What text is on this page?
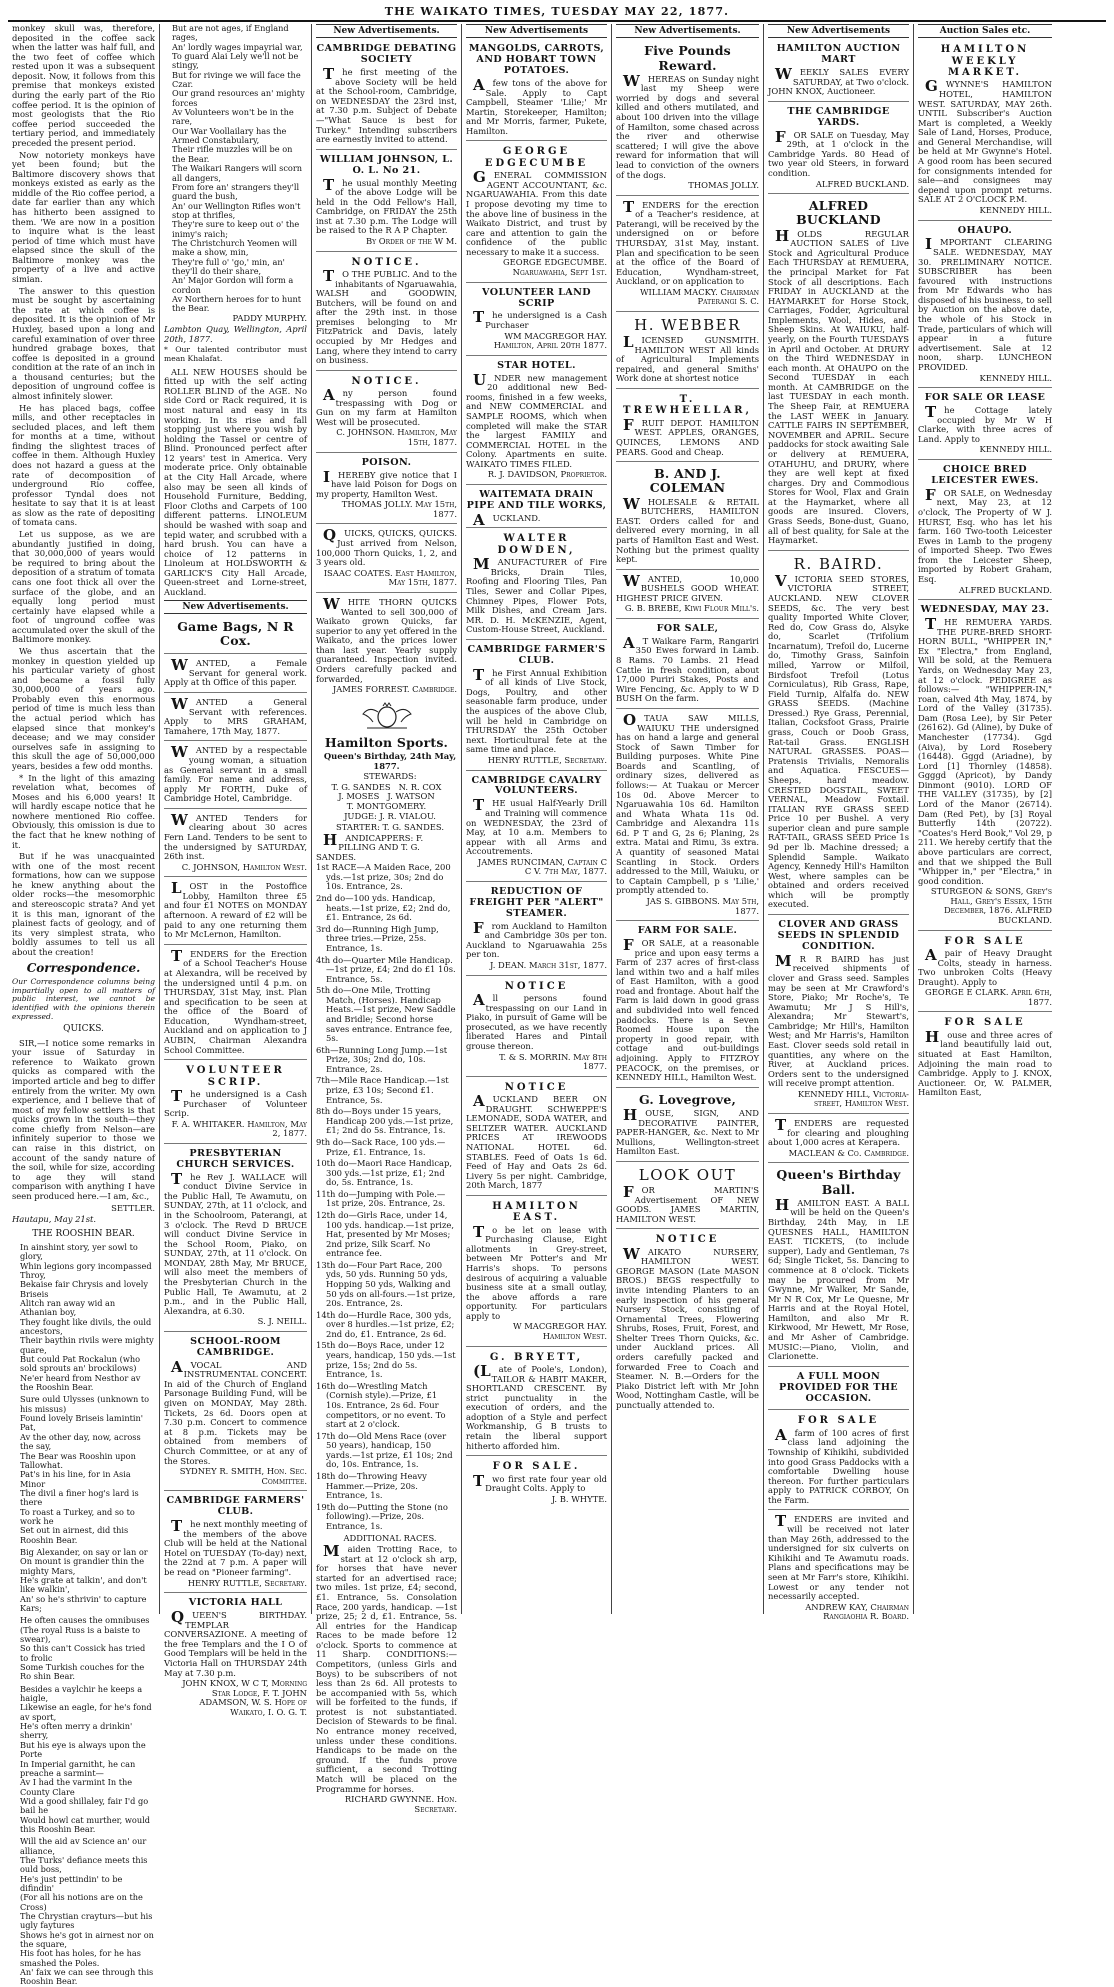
THE WAIKATO TIMES, TUESDAY MAY 22, 1877.

monkey skull was, therefore, deposited in the coffee sack when the latter was half full, and the two feet of coffee which rested upon it was a subsequent deposit. Now, it follows from this premise that monkeys existed during the early part of the Rio coffee period. It is the opinion of most geologists that the Rio coffee period succeeded the tertiary period, and immediately preceded the present period.

Now notoriety monkeys have yet been found; but the Baltimore discovery shows that monkeys existed as early as the middle of the Rio coffee period, a date far earlier than any which has hitherto been assigned to them. 'We are now in a position to inquire what is the least period of time which must have elapsed since the skull of the Baltimore monkey was the property of a live and active simian.

The answer to this question must be sought by ascertaining the rate at which coffee is deposited. It is the opinion of Mr Huxley, based upon a long and careful examination of over three hundred grabage boxes, that coffee is deposited in a ground condition at the rate of an inch in a thousand centuries; but the deposition of unground coffee is almost infinitely slower.

He has placed bags, coffee mills, and other receptacles in secluded places, and left them for months at a time, without finding the slightest traces of coffee in them. Although Huxley does not hazard a guess at the rate of decomposition of underground Rio coffee, professor Tyndal does not hesitate to say that it is at least as slow as the rate of depositing of tomata cans.

Let us suppose, as we are abundantly justified in doing, that 30,000,000 of years would be required to bring about the deposition of a stratum of tomata cans one foot thick all over the surface of the globe, and an equally long period must certainly have elapsed while a foot of unground coffee was accumulated over the skull of the Baltimore monkey.

We thus ascertain that the monkey in question yielded up his particular variety of ghost and became a fossil fully 30,000,000 of years ago. Probably even this enormous period of time is much less than the actual period which has elapsed since that monkey's decease; and we may consider ourselves safe in assigning to this skull the age of 50,000,000 years, besides a few odd months.

* In the light of this amazing revelation what, becomes of Moses and his 6,000 years! It will hardly escape notice that he nowhere mentioned Rio coffee. Obviously, this omission is due to the fact that he knew nothing of it.

But if he was unacquainted with one of the most recent formations, how can we suppose he knew anything about the older rocks—the mesomorphic and stereoscopic strata? And yet it is this man, ignorant of the plainest facts of geology, and of its very simplest strata, who boldly assumes to tell us all about the creation!

Correspondence.

Our Correspondence columns being impartially open to all matters of public interest, we cannot be identified with the opinions therein expressed.

QUICKS.

SIR,—I notice some remarks in your issue of Saturday in reference to Waikato grown quicks as compared with the imported article and beg to differ entirely from the writer. My own experience, and I believe that of most of my fellow settlers is that quicks grown in the south—they come chiefly from Nelson—are infinitely superior to those we can raise in this district, on account of the sandy nature of the soil, while for size, according to age they will stand comparison with anything I have seen produced here.—I am, &c.,

SETTLER.

Hautapu, May 21st.

THE ROOSHIN BEAR.

In ainshint story, yer sowl to glory,

Whin legions gory incompassed Throy,

Bekaise fair Chrysis and lovely Briseis

Alitch ran away wid an Athanian boy,

They fought like divils, the ould ancestors,

Their baythin rivils were mighty quare,

But could Pat Rockalun (who sold sprouts an' brockilows)

Ne'er heard from Nesthor av the Rooshin Bear.

Sure ould Ulysses (unknown to his missus)

Found lovely Briseis lamintin' Pat,

Av the other day, now, across the say,

The Bear was Rooshin upon Tallowhat.

Pat's in his line, for in Asia Minor

The divil a finer hog's lard is there

To roast a Turkey, and so to work he

Set out in airnest, did this Rooshin Bear.

Big Alexander, on say or lan or

On mount is grandier thin the mighty Mars,

He's grate at talkin', and don't like walkin',

An' so he's sthrivin' to capture Kars;

He often causes the omnibuses

(The royal Russ is a baiste to swear),

So this can't Cossick has tried to frolic

Some Turkish couches for the Ro shin Bear.

Besides a vaylchir he keeps a haigle,

Likewise an eagle, for he's fond av sport,

He's often merry a drinkin' sherry,

But his eye is always upon the Porte

In Imperial garnitht, he can preache a sarmint—

Av I had the varmint In the County Clare

Wid a good shillaley, fair I'd go bail he

Would howl cat murther, would this Rooshin Bear.

Will the aid av Science an' our alliance,

The Turks' defiance meets this ould boss,

He's just pettindin' to be difindin'

(For all his notions are on the Cross)

The Chrystian crayturs—but his ugly faytures

Shows he's got in airnest nor on the square,

His foot has holes, for he has smashed the Poles.

An' faix we can see through this Rooshin Bear.

But are not ages, if England rages,

An' lordly wages impayrial war,

To guard Alai Lely we'll not be stingy,

But for rivinge we will face the Czar.

Our grand resources an' mighty forces

Av Volunteers won't be in the rare,

Our War Voollailary has the Armed Constabulary,

Their rifle muzzles will be on the Bear.

The Waikari Rangers will scorn all dangers,

From fore an' strangers they'll guard the bush,

An' our Wellington Rifles won't stop at thrifles,

They're sure to keep out o' the inimy's raich;

The Christchurch Yeomen will make a show, min,

They're full o' 'go,' min, an' they'll do their share,

An' Major Gordon will form a cordon

Av Northern heroes for to hunt the Bear.

PADDY MURPHY.

Lambton Quay, Wellington, April 20th, 1877.

* Our talented contributor must mean Khalafat.

ALL NEW HOUSES should be fitted up with the self acting ROLLER BLIND of the AGE. No side Cord or Rack required, it is most natural and easy in its working. In its rise and fall stopping just where you wish by holding the Tassel or centre of Blind. Pronounced perfect after 12 years' test in America. Very moderate price. Only obtainable at the City Hall Arcade, where also may be seen all kinds of Household Furniture, Bedding, Floor Cloths and Carpets of 100 different patterns. LINOLEUM should be washed with soap and tepid water, and scrubbed with a hard brush. You can have a choice of 12 patterns in Linoleum at HOLDSWORTH & GARLICK'S City Hall Arcade, Queen-street and Lorne-street, Auckland.

New Advertisements.
Game Bags, N R Cox.

WANTED, a Female Servant for general work. Apply at th Office of this paper.

WANTED a General Servant with references. Apply to MRS GRAHAM, Tamahere, 17th May, 1877.

WANTED by a respectable young woman, a situation as General servant in a small family. For name and address, apply Mr FORTH, Duke of Cambridge Hotel, Cambridge.

WANTED Tenders for clearing about 30 acres Fern Land. Tenders to be sent to the undersigned by SATURDAY, 26th inst.

C. JOHNSON, Hamilton West.

LOST in the Postoffice Lobby, Hamilton three £5 and four £1 NOTES on MONDAY afternoon. A reward of £2 will be paid to any one returning them to Mr McLernon, Hamilton.

TENDERS for the Erection of a School Teacher's House at Alexandra, will be received by the undersigned until 4 p.m. on THURSDAY, 31st May, inst. Plan and specification to be seen at the office of the Board of Education, Wyndham-street, Auckland and on application to J AUBIN, Chairman Alexandra School Committee.

VOLUNTEER SCRIP.

The undersigned is a Cash Purchaser of Volunteer Scrip.

F. A. WHITAKER. Hamilton, May 2, 1877.

PRESBYTERIAN CHURCH SERVICES.

The Rev J. WALLACE will conduct Divine Service in the Public Hall, Te Awamutu, on SUNDAY, 27th, at 11 o'clock, and in the Schoolroom, Paterangi, at 3 o'clock. The Revd D BRUCE will conduct Divine Service in the School Room, Piako, on SUNDAY, 27th, at 11 o'clock. On MONDAY, 28th May, Mr BRUCE, will also meet the members of the Presbyterian Church in the Public Hall, Te Awamutu, at 2 p.m., and in the Public Hall, Alexandra, at 6.30.

S. J. NEILL.

SCHOOL-ROOM CAMBRIDGE.

AVOCAL AND INSTRUMENTAL CONCERT. In aid of the Church of England Parsonage Building Fund, will be given on MONDAY, May 28th. Tickets, 2s 6d. Doors open at 7.30 p.m. Concert to commence at 8 p.m. Tickets may be obtained from members of Church Committee, or at any of the Stores.

SYDNEY R. SMITH, Hon. Sec. Committee.

CAMBRIDGE FARMERS' CLUB.

The next monthly meeting of the members of the above Club will be held at the National Hotel on TUESDAY (To-day) next, the 22nd at 7 p.m. A paper will be read on "Pioneer farming".

HENRY RUTTLE, Secretary.

VICTORIA HALL

QUEEN'S BIRTHDAY. TEMPLAR CONVERSAZIONE. A meeting of the free Templars and the I O of Good Templars will be held in the Victoria Hall on THURSDAY 24th May at 7.30 p.m.

JOHN KNOX, W C T, Morning Star Lodge, F. T. JOHN ADAMSON, W. S. Hope of Waikato, I. O. G. T.

New Advertisements.
CAMBRIDGE DEBATING SOCIETY

The first meeting of the above Society will be held at the School-room, Cambridge, on WEDNESDAY the 23rd inst, at 7.30 p.m. Subject of Debate—"What Sauce is best for Turkey." Intending subscribers are earnestly invited to attend.

WILLIAM JOHNSON, L. O. L. No 21.

The usual monthly Meeting of the above Lodge will be held in the Odd Fellow's Hall, Cambridge, on FRIDAY the 25th inst at 7.30 p.m. The Lodge will be raised to the R A P Chapter.

By Order of the W M.

NOTICE.

TO THE PUBLIC. And to the inhabitants of Ngaruawahia, WALSH and GOODWIN, Butchers, will be found on and after the 29th inst. in those premises belonging to Mr FitzPatrick and Davis, lately occupied by Mr Hedges and Lang, where they intend to carry on business.

NOTICE.

Any person found trespassing with Dog or Gun on my farm at Hamilton West will be prosecuted.

C. JOHNSON. Hamilton, May 15th, 1877.

POISON.

IHEREBY give notice that I have laid Poison for Dogs on my property, Hamilton West.

THOMAS JOLLY. May 15th, 1877.

QUICKS, QUICKS, QUICKS. Just arrived from Nelson, 100,000 Thorn Quicks, 1, 2, and 3 years old.

ISAAC COATES. East Hamilton, May 15th, 1877.

WHITE THORN QUICKS Wanted to sell 300,000 of Waikato grown Quicks, far superior to any yet offered in the Waikato, and the prices lower than last year. Yearly supply guaranteed. Inspection invited. Orders carefully packed and forwarded,

JAMES FORREST. Cambridge.

Hamilton Sports.

Queen's Birthday, 24th May, 1877.

STEWARDS:

T. G. SANDES N. R. COXJ. MOSES J. WATSONT. MONTGOMERY.

JUDGE: J. R. VIALOU.

STARTER: T. G. SANDES.

HANDICAPPERS: F. PILLING AND T. G. SANDES.

1st RACE—A Maiden Race, 200 yds.—1st prize, 30s; 2nd do 10s. Entrance, 2s.

2nd do—100 yds. Handicap, heats.—1st prize, £2; 2nd do, £1. Entrance, 2s 6d.

3rd do—Running High Jump, three tries.—Prize, 25s. Entrance, 1s.

4th do—Quarter Mile Handicap.—1st prize, £4; 2nd do £1 10s. Entrance, 5s.

5th do—One Mile, Trotting Match, (Horses). Handicap Heats.—1st prize, New Saddle and Bridle; Second horse saves entrance. Entrance fee, 5s.

6th—Running Long Jump.—1st Prize, 30s; 2nd do, 10s. Entrance, 2s.

7th—Mile Race Handicap.—1st prize, £3 10s; Second £1. Entrance, 5s.

8th do—Boys under 15 years, Handicap 200 yds.—1st prize, £1; 2nd do 5s. Entrance, 1s.

9th do—Sack Race, 100 yds.—Prize, £1. Entrance, 1s.

10th do—Maori Race Handicap, 300 yds.—1st prize, £1; 2nd do, 5s. Entrance, 1s.

11th do—Jumping with Pole.—1st prize, 20s. Entrance, 2s.

12th do—Girls Race, under 14, 100 yds. handicap.—1st prize, Hat, presented by Mr Moses; 2nd prize, Silk Scarf. No entrance fee.

13th do—Four Part Race, 200 yds, 50 yds. Running 50 yds, Hopping 50 yds, Walking and 50 yds on all-fours.—1st prize, 20s. Entrance, 2s.

14th do—Hurdle Race, 300 yds, over 8 hurdles.—1st prize, £2; 2nd do, £1. Entrance, 2s 6d.

15th do—Boys Race, under 12 years, handicap, 150 yds.—1st prize, 15s; 2nd do 5s. Entrance, 1s.

16th do—Wrestling Match (Cornish style).—Prize, £1 10s. Entrance, 2s 6d. Four competitors, or no event. To start at 2 o'clock.

17th do—Old Mens Race (over 50 years), handicap, 150 yards.—1st prize, £1 10s; 2nd do, 10s. Entrance, 1s.

18th do—Throwing Heavy Hammer.—Prize, 20s. Entrance, 1s.

19th do—Putting the Stone (no following).—Prize, 20s. Entrance, 1s.

ADDITIONAL RACES.

Maiden Trotting Race, to start at 12 o'clock sh arp, for horses that have never started for an advertised race; two miles. 1st prize, £4; second, £1. Entrance, 5s. Consolation Race, 200 yards, handicap. —1st prize, 25; 2 d, £1. Entrance, 5s. All entries for the Handicap Races to be made before 12 o'clock. Sports to commence at 11 Sharp. CONDITIONS:—Competitors, (unless Girls and Boys) to be subscribers of not less than 2s 6d. All protests to be accompanied with 5s, which will be forfeited to the funds, if protest is not substantiated. Decision of Stewards to be final. No entrance money received, unless under these conditions. Handicaps to be made on the ground. If the funds prove sufficient, a second Trotting Match will be placed on the Programme for horses.

RICHARD GWYNNE. Hon. Secretary.

New Advertisements
MANGOLDS, CARROTS, AND HOBART TOWN POTATOES.

Afew tons of the above for Sale. Apply to Capt Campbell, Steamer 'Lilie;' Mr Martin, Storekeeper, Hamilton; and Mr Morris, farmer, Pukete, Hamilton.

GEORGE EDGECUMBE

GENERAL COMMISSION AGENT ACCOUNTANT, &c. NGARUAWAHIA. From this date I propose devoting my time to the above line of business in the Waikato District, and trust by care and attention to gain the confidence of the public necessary to make it a success.

GEORGE EDGECUMBE. Ngaruawahia, Sept 1st.

VOLUNTEER LAND SCRIP

The undersigned is a Cash Purchaser

WM MACGREGOR HAY. Hamilton, April 20th 1877.

STAR HOTEL.

UNDER new management 20 additional new Bed-rooms, finished in a few weeks, and NEW COMMERCIAL and SAMPLE ROOMS, which when completed will make the STAR the largest FAMILY and COMMERCIAL HOTEL in the Colony. Apartments en suite. WAIKATO TIMES FILED.

R. J. DAVIDSON, Proprietor.

WAITEMATA DRAIN PIPE AND TILE WORKS,

AUCKLAND.

WALTER DOWDEN,

MANUFACTURER of Fire Bricks, Drain Tiles, Roofing and Flooring Tiles, Pan Tiles, Sewer and Collar Pipes, Chimney Pipes, Flower Pots, Milk Dishes, and Cream Jars. MR. D. H. McKENZIE, Agent, Custom-House Street, Auckland.

CAMBRIDGE FARMER'S CLUB.

The First Annual Exhibition of all kinds of Live Stock, Dogs, Poultry, and other seasonable farm produce, under the auspices of the above Club, will be held in Cambridge on THURSDAY the 25th October next. Horticultural fete at the same time and place.

HENRY RUTTLE, Secretary.

CAMBRIDGE CAVALRY VOLUNTEERS.

THE usual Half-Yearly Drill and Training will commence on WEDNESDAY, the 23rd of May, at 10 a.m. Members to appear with all Arms and Accoutrements.

JAMES RUNCIMAN, Captain C C V. 7th May, 1877.

REDUCTION OF FREIGHT PER "ALERT" STEAMER.

From Auckland to Hamilton and Cambridge 30s per ton. Auckland to Ngaruawahia 25s per ton.

J. DEAN. March 31st, 1877.

NOTICE

All persons found trespassing on our Land in Piako, in pursuit of Game will be prosecuted, as we have recently liberated Hares and Pintail grouse thereon.

T. & S. MORRIN. May 8th 1877.

NOTICE

AUCKLAND BEER ON DRAUGHT. SCHWEPPE'S LEMONADE, SODA WATER, and SELTZER WATER. AUCKLAND PRICES AT IREWOODS NATIONAL HOTEL 6d. STABLES. Feed of Oats 1s 6d. Feed of Hay and Oats 2s 6d. Livery 5s per night. Cambridge, 20th March, 1877

HAMILTON EAST.

To be let on lease with Purchasing Clause, Eight allotments in Grey-street, between Mr Potter's and Mr Harris's shops. To persons desirous of acquiring a valuable business site at a small outlay, the above affords a rare opportunity. For particulars apply to

W MACGREGOR HAY. Hamilton West.

G. BRYETT,

(Late of Poole's, London), TAILOR & HABIT MAKER, SHORTLAND CRESCENT. By strict punctuality in the execution of orders, and the adoption of a Style and perfect Workmanship, G B trusts to retain the liberal support hitherto afforded him.

FOR SALE.

Two first rate four year old Draught Colts. Apply to

J. B. WHYTE.

New Advertisements.
Five Pounds Reward.

WHEREAS on Sunday night last my Sheep were worried by dogs and several killed and others mutilated, and about 100 driven into the village of Hamilton, some chased across the river and otherwise scattered; I will give the above reward for information that will lead to conviction of the owners of the dogs.

THOMAS JOLLY.

TENDERS for the erection of a Teacher's residence, at Paterangi, will be received by the undersigned on or before THURSDAY, 31st May, instant. Plan and specification to be seen at the office of the Board of Education, Wyndham-street, Auckland, or on application to

WILLIAM MACKY. Chairman Paterangi S. C.

H. WEBBER

LICENSED GUNSMITH. HAMILTON WEST All kinds of Agricultural Implements repaired, and general Smiths' Work done at shortest notice

T. TREWHEELLAR,

FRUIT DEPOT. HAMILTON WEST. APPLES, ORANGES, QUINCES, LEMONS AND PEARS. Good and Cheap.

B. AND J. COLEMAN

WHOLESALE & RETAIL BUTCHERS, HAMILTON EAST. Orders called for and delivered every morning, in all parts of Hamilton East and West. Nothing but the primest quality kept.

WANTED, 10,000 BUSHELS GOOD WHEAT. HIGHEST PRICE GIVEN.

G. B. BREBE, Kiwi Flour Mill's.

FOR SALE,

AT Waikare Farm, Rangariri 350 Ewes forward in Lamb. 8 Rams. 70 Lambs. 21 Head Cattle in fresh condition, about 17,000 Puriri Stakes, Posts and Wire Fencing, &c. Apply to W D BUSH On the farm.

OTAUA SAW MILLS, WAIUKU THE undersigned has on hand a large and general Stock of Sawn Timber for Building purposes. White Pine Boards and Scantling, of ordinary sizes, delivered as follows:— At Tuakau or Mercer 10s 0d. Above Mercer to Ngaruawahia 10s 6d. Hamilton and Whata Whata 11s 0d. Cambridge and Alexandra 11s 6d. P T and G, 2s 6; Planing, 2s extra. Matai and Rimu, 3s extra. A quantity of seasoned Matai Scantling in Stock. Orders addressed to the Mill, Waiuku, or to Captain Campbell, p s 'Lilie,' promptly attended to.

JAS S. GIBBONS. May 5th, 1877.

FARM FOR SALE.

FOR SALE, at a reasonable price and upon easy terms a Farm of 237 acres of first-class land within two and a half miles of East Hamilton, with a good road and frontage. About half the Farm is laid down in good grass and subdivided into well fenced paddocks. There is a Seven Roomed House upon the property in good repair, with cottage and out-buildings adjoining. Apply to FITZROY PEACOCK, on the premises, or KENNEDY HILL, Hamilton West.

G. Lovegrove,

HOUSE, SIGN, AND DECORATIVE PAINTER, PAPER-HANGER, &c. Next to Mr Mullions, Wellington-street Hamilton East.

LOOK OUT

FOR MARTIN'S Advertisement OF NEW GOODS. JAMES MARTIN, HAMILTON WEST.

NOTICE

WAIKATO NURSERY, HAMILTON WEST. GEORGE MASON (Late MASON BROS.) BEGS respectfully to invite intending Planters to an early inspection of his general Nursery Stock, consisting of Ornamental Trees, Flowering Shrubs, Roses, Fruit, Forest, and Shelter Trees Thorn Quicks, &c. under Auckland prices. All orders carefully packed and forwarded Free to Coach and Steamer. N. B.—Orders for the Piako District left with Mr John Wood, Nottingham Castle, will be punctually attended to.

New Advertisements
HAMILTON AUCTION MART

WEEKLY SALES EVERY SATURDAY, at Two o'clock. JOHN KNOX, Auctioneer.

THE CAMBRIDGE YARDS.

FOR SALE on Tuesday, May 29th, at 1 o'clock in the Cambridge Yards. 80 Head of two year old Steers, in forward condition.

ALFRED BUCKLAND.

ALFRED BUCKLAND

HOLDS REGULAR AUCTION SALES of Live Stock and Agricultural Produce Each THURSDAY at REMUERA, the principal Market for Fat Stock of all descriptions. Each FRIDAY in AUCKLAND at the HAYMARKET for Horse Stock, Carriages, Fodder, Agricultural Implements, Wool, Hides, and Sheep Skins. At WAIUKU, half-yearly, on the Fourth TUESDAYS in April and October. At DRURY on the Third WEDNESDAY in each month. At OHAUPO on the Second TUESDAY in each month. At CAMBRIDGE on the last TUESDAY in each month. The Sheep Fair, at REMUERA the LAST WEEK in January. CATTLE FAIRS IN SEPTEMBER, NOVEMBER and APRIL. Secure paddocks for stock awaiting Sale or delivery at REMUERA, OTAHUHU, and DRURY, where they are well kept at fixed charges. Dry and Commodious Stores for Wool, Flax and Grain at the Haymarket, where all goods are insured. Clovers, Grass Seeds, Bone-dust, Guano, all of best quality, for Sale at the Haymarket.

R. BAIRD.

VICTORIA SEED STORES, VICTORIA STREET, AUCKLAND. NEW CLOVER SEEDS, &c. The very best quality Imported White Clover, Red do, Cow Grass do, Alsyke do, Scarlet (Trifolium Incarnatum), Trefoil do, Lucerne do, Timothy Grass, Sainfoin milled, Yarrow or Milfoil, Birdsfoot Trefoil (Lotus Corniculatus), Rib Grass, Rape, Field Turnip, Alfalfa do. NEW GRASS SEEDS. (Machine Dressed.) Rye Grass, Perennial, Italian, Cocksfoot Grass, Prairie grass, Couch or Doob Grass, Rat-tail Grass. ENGLISH NATURAL GRASSES. POAS—Pratensis Trivialis, Nemoralis and Aquatica. FESCUES—Sheeps, hard meadow. CRESTED DOGSTAIL, SWEET VERNAL, Meadow Foxtail. ITALIAN RYE GRASS SEED Price 10 per Bushel. A very superior clean and pure sample RAT-TAIL, GRASS SEED Price 1s 9d per lb. Machine dressed; a Splendid Sample. Waikato Agency, Kennedy Hill's Hamilton West, where samples can be obtained and orders received which will be promptly executed.

CLOVER AND GRASS SEEDS IN SPLENDID CONDITION.

MR R BAIRD has just received shipments of clover and Grass seed. Samples may be seen at Mr Crawford's Store, Piako; Mr Roche's, Te Awamutu; Mr J S Hill's, Alexandra; Mr Stewart's, Cambridge; Mr Hill's, Hamilton West; and Mr Harris's, Hamilton East. Clover seeds sold retail in quantities, any where on the River, at Auckland prices. Orders sent to the undersigned will receive prompt attention.

KENNEDY HILL, Victoria-street, Hamilton West.

TENDERS are requested for clearing and ploughing about 1,000 acres at Kerapera.

MACLEAN & Co. Cambridge.

Queen's Birthday Ball.

HAMILTON EAST. A BALL will be held on the Queen's Birthday, 24th May, in LE QUESNES HALL, HAMILTON EAST. TICKETS, (to include supper), Lady and Gentleman, 7s 6d; Single Ticket, 5s. Dancing to commence at 8 o'clock. Tickets may be procured from Mr Gwynne, Mr Walker, Mr Sande, Mr N R Cox, Mr Le Quesne, Mr Harris and at the Royal Hotel, Hamilton, and also Mr R. Kirkwood, Mr Hewett, Mr Rose, and Mr Asher of Cambridge. MUSIC:—Piano, Violin, and Clarionette.

A FULL MOON PROVIDED FOR THE OCCASION.
FOR SALE

Afarm of 100 acres of first class land adjoining the Township of Kihikihi, subdivided into good Grass Paddocks with a comfortable Dwelling house thereon. For further particulars apply to PATRICK CORBOY, On the Farm.

TENDERS are invited and will be received not later than May 26th, addressed to the undersigned for six culverts on Kihikihi and Te Awamutu roads. Plans and specifications may be seen at Mr Farr's store, Kihikihi. Lowest or any tender not necessarily accepted.

ANDREW KAY, Chairman Rangiaohia R. Board.

Auction Sales etc.
HAMILTON WEEKLY MARKET.

GWYNNE'S HAMILTON HOTEL, HAMILTON WEST. SATURDAY, MAY 26th. UNTIL Subscriber's Auction Mart is completed, a Weekly Sale of Land, Horses, Produce, and General Merchandise, will be held at Mr Gwynne's Hotel. A good room has been secured for consignments intended for sale—and consignees may depend upon prompt returns. SALE AT 2 O'CLOCK P.M.

KENNEDY HILL.

OHAUPO.

IMPORTANT CLEARING SALE. WEDNESDAY, MAY 30. PRELIMINARY NOTICE. SUBSCRIBER has been favoured with instructions from Mr Edwards who has disposed of his business, to sell by Auction on the above date, the whole of his Stock in Trade, particulars of which will appear in a future advertisement. Sale at 12 noon, sharp. LUNCHEON PROVIDED.

KENNEDY HILL.

FOR SALE OR LEASE

The Cottage lately occupied by Mr W H Clarke, with three acres of Land. Apply to

KENNEDY HILL.

CHOICE BRED LEICESTER EWES.

FOR SALE, on Wednesday next, May 23, at 12 o'clock, The Property of W J. HURST, Esq. who has let his farm. 160 Two-tooth Leicester Ewes in Lamb to the progeny of imported Sheep. Two Ewes from the Leicester Sheep, imported by Robert Graham, Esq.

ALFRED BUCKLAND.

WEDNESDAY, MAY 23.

THE REMUERA YARDS. THE PURE-BRED SHORT-HORN BULL, "WHIPPER IN," Ex "Electra," from England, Will be sold, at the Remuera Yards, on Wednesday May 23, at 12 o'clock. PEDIGREE as follows:— "WHIPPER-IN," roan, calved 4th May, 1874, by Lord of the Valley (31735). Dam (Rosa Lee), by Sir Peter (26162). Gd (Aline), by Duke of Manchester (17734). Ggd (Aiva), by Lord Rosebery (16448). Gggd (Ariadne), by Lord [1] Thornley (14858). Ggggd (Apricot), by Dandy Dinmont (9010). LORD OF THE VALLEY (31735), by [2] Lord of the Manor (26714). Dam (Red Pet), by [3] Royal Butterfly 14th (20722). "Coates's Herd Book," Vol 29, p 211. We hereby certify that the above particulars are correct, and that we shipped the Bull "Whipper in," per "Electra," in good condition.

STURGEON & SONS, Grey's Hall, Grey's Essex, 15th December, 1876. ALFRED BUCKLAND.

FOR SALE

Apair of Heavy Draught Colts, steady in harness. Two unbroken Colts (Heavy Draught). Apply to

GEORGE E CLARK. April 6th, 1877.

FOR SALE

House and three acres of land beautifully laid out, situated at East Hamilton, Adjoining the main road to Cambridge. Apply to J. KNOX, Auctioneer. Or, W. PALMER, Hamilton East,
